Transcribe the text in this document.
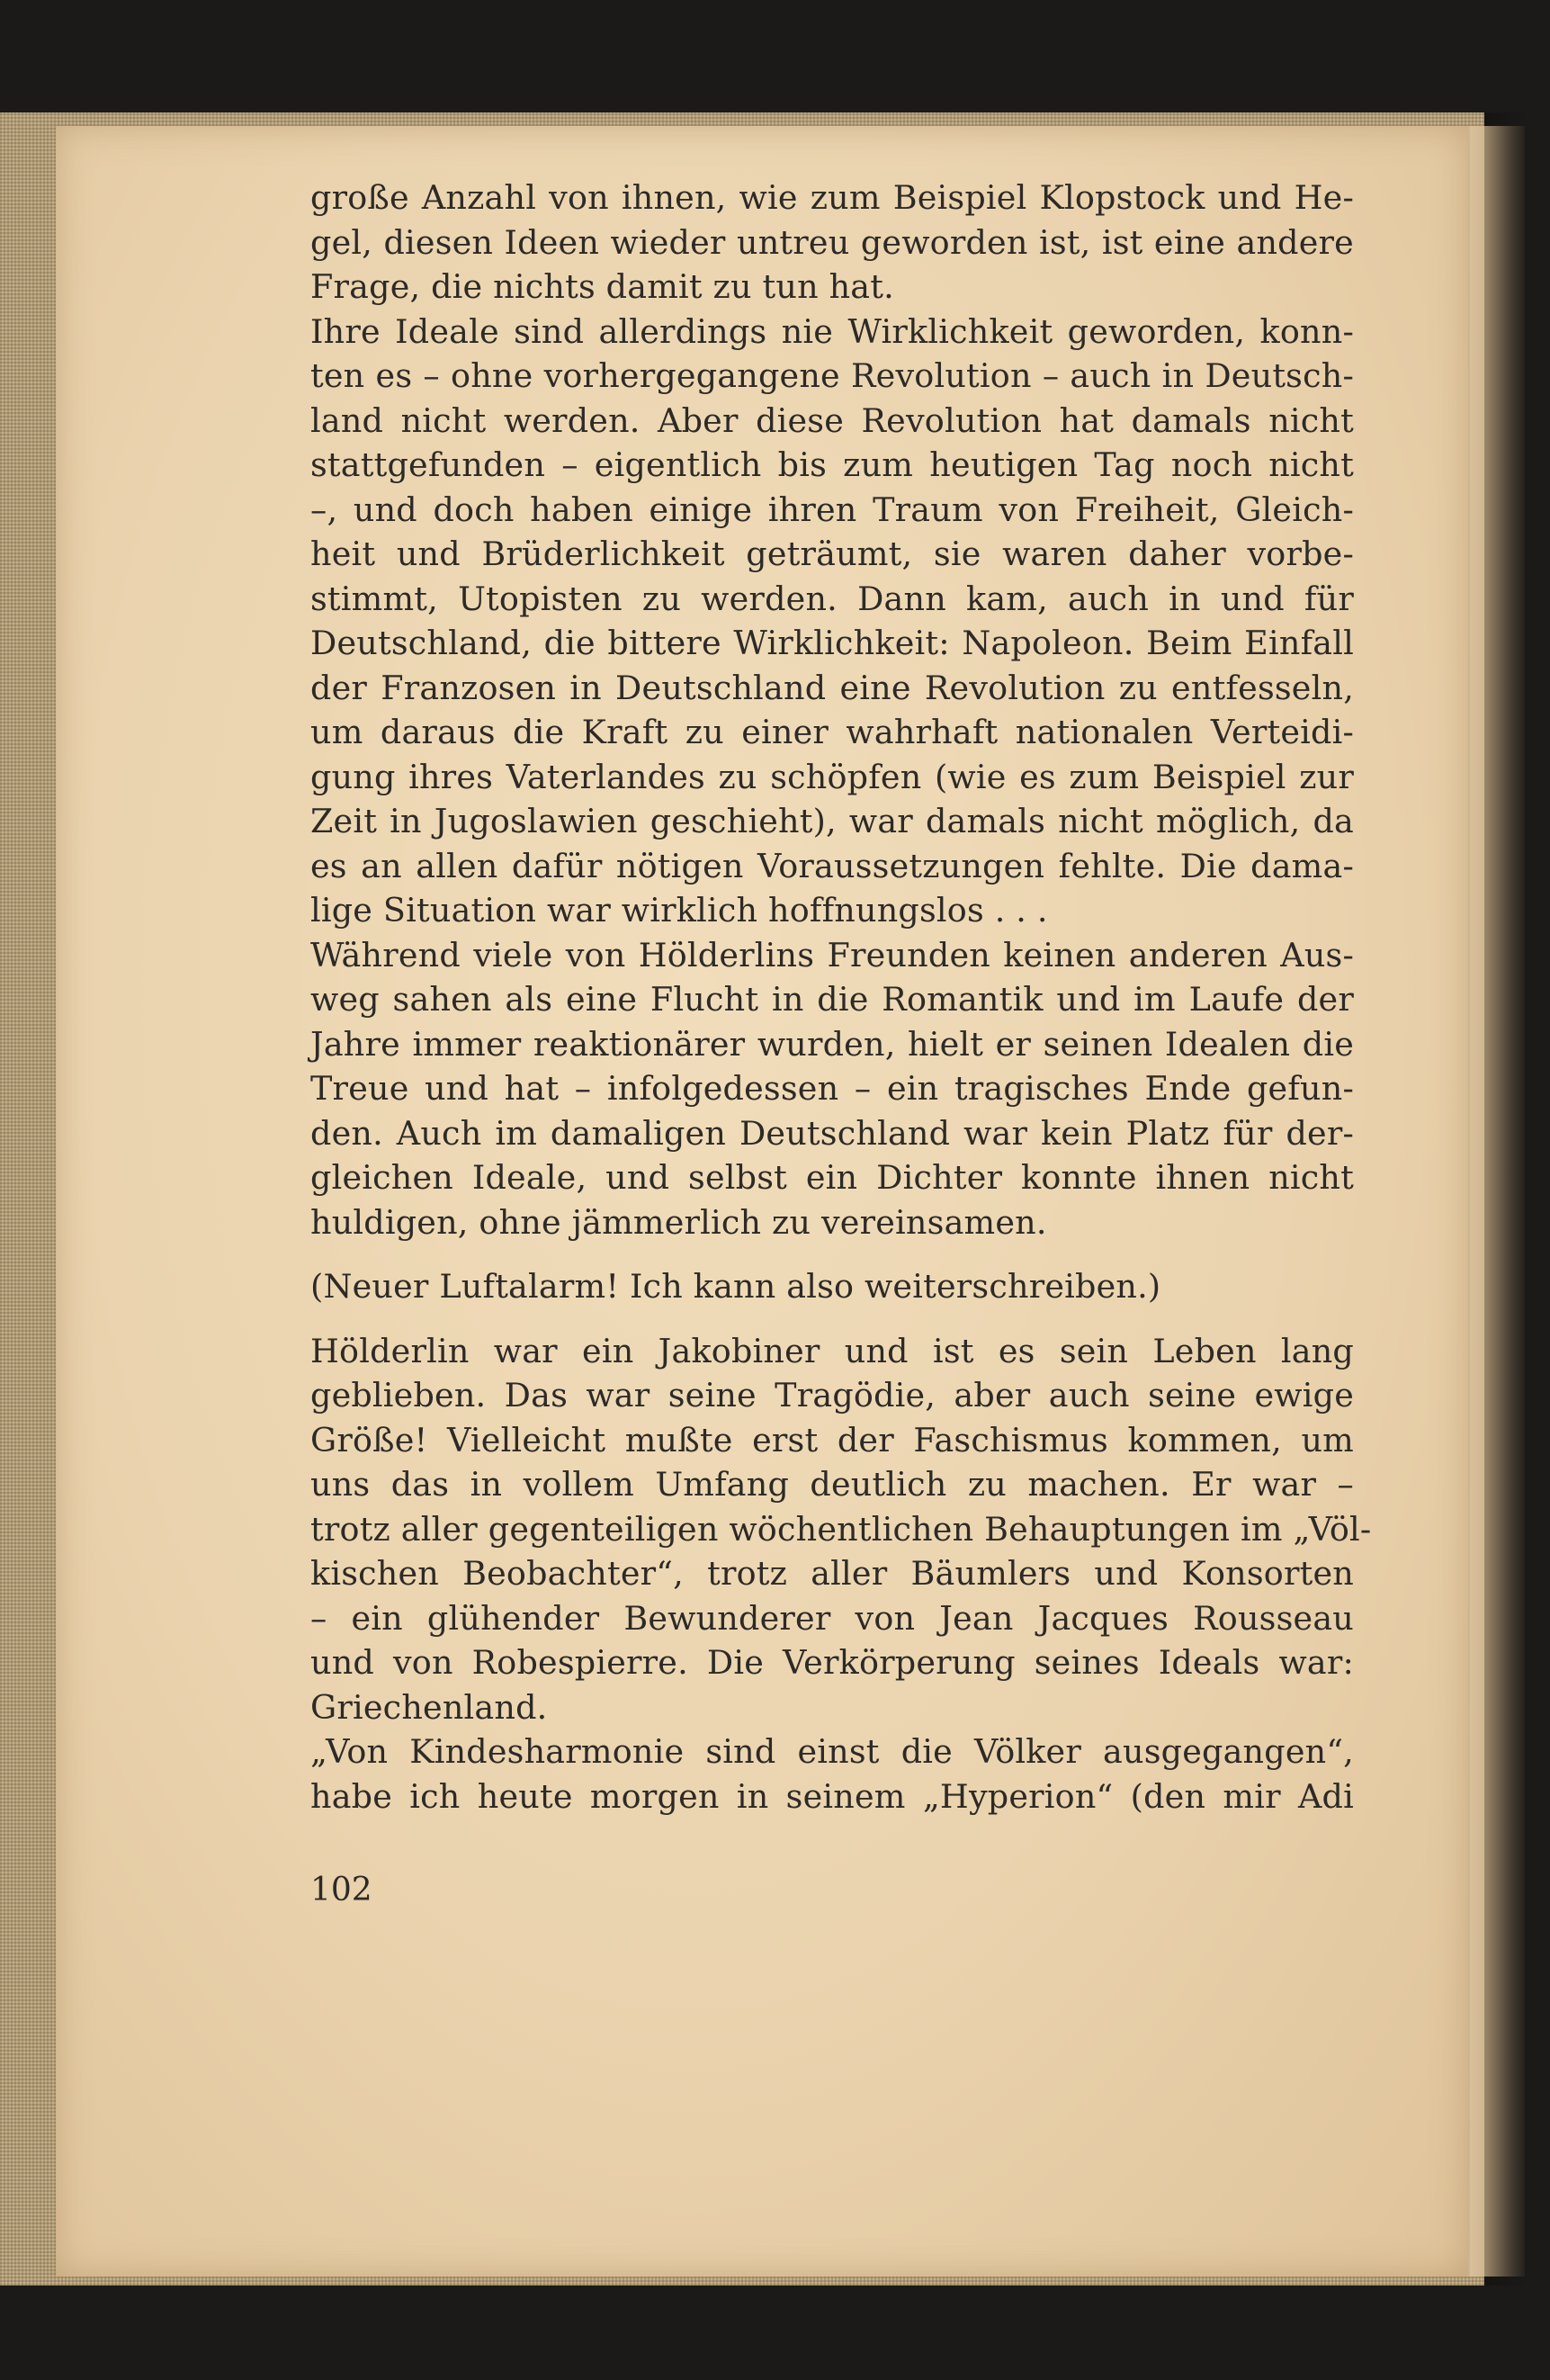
große Anzahl von ihnen, wie zum Beispiel Klopstock und He-
gel, diesen Ideen wieder untreu geworden ist, ist eine andere
Frage, die nichts damit zu tun hat.
Ihre Ideale sind allerdings nie Wirklichkeit geworden, konn-
ten es – ohne vorhergegangene Revolution – auch in Deutsch-
land nicht werden. Aber diese Revolution hat damals nicht
stattgefunden – eigentlich bis zum heutigen Tag noch nicht
–, und doch haben einige ihren Traum von Freiheit, Gleich-
heit und Brüderlichkeit geträumt, sie waren daher vorbe-
stimmt, Utopisten zu werden. Dann kam, auch in und für
Deutschland, die bittere Wirklichkeit: Napoleon. Beim Einfall
der Franzosen in Deutschland eine Revolution zu entfesseln,
um daraus die Kraft zu einer wahrhaft nationalen Verteidi-
gung ihres Vaterlandes zu schöpfen (wie es zum Beispiel zur
Zeit in Jugoslawien geschieht), war damals nicht möglich, da
es an allen dafür nötigen Voraussetzungen fehlte. Die dama-
lige Situation war wirklich hoffnungslos . . .
Während viele von Hölderlins Freunden keinen anderen Aus-
weg sahen als eine Flucht in die Romantik und im Laufe der
Jahre immer reaktionärer wurden, hielt er seinen Idealen die
Treue und hat – infolgedessen – ein tragisches Ende gefun-
den. Auch im damaligen Deutschland war kein Platz für der-
gleichen Ideale, und selbst ein Dichter konnte ihnen nicht
huldigen, ohne jämmerlich zu vereinsamen.
(Neuer Luftalarm! Ich kann also weiterschreiben.)
Hölderlin war ein Jakobiner und ist es sein Leben lang
geblieben. Das war seine Tragödie, aber auch seine ewige
Größe! Vielleicht mußte erst der Faschismus kommen, um
uns das in vollem Umfang deutlich zu machen. Er war –
trotz aller gegenteiligen wöchentlichen Behauptungen im „Völ-
kischen Beobachter“, trotz aller Bäumlers und Konsorten
– ein glühender Bewunderer von Jean Jacques Rousseau
und von Robespierre. Die Verkörperung seines Ideals war:
Griechenland.
„Von Kindesharmonie sind einst die Völker ausgegangen“,
habe ich heute morgen in seinem „Hyperion“ (den mir Adi
102
